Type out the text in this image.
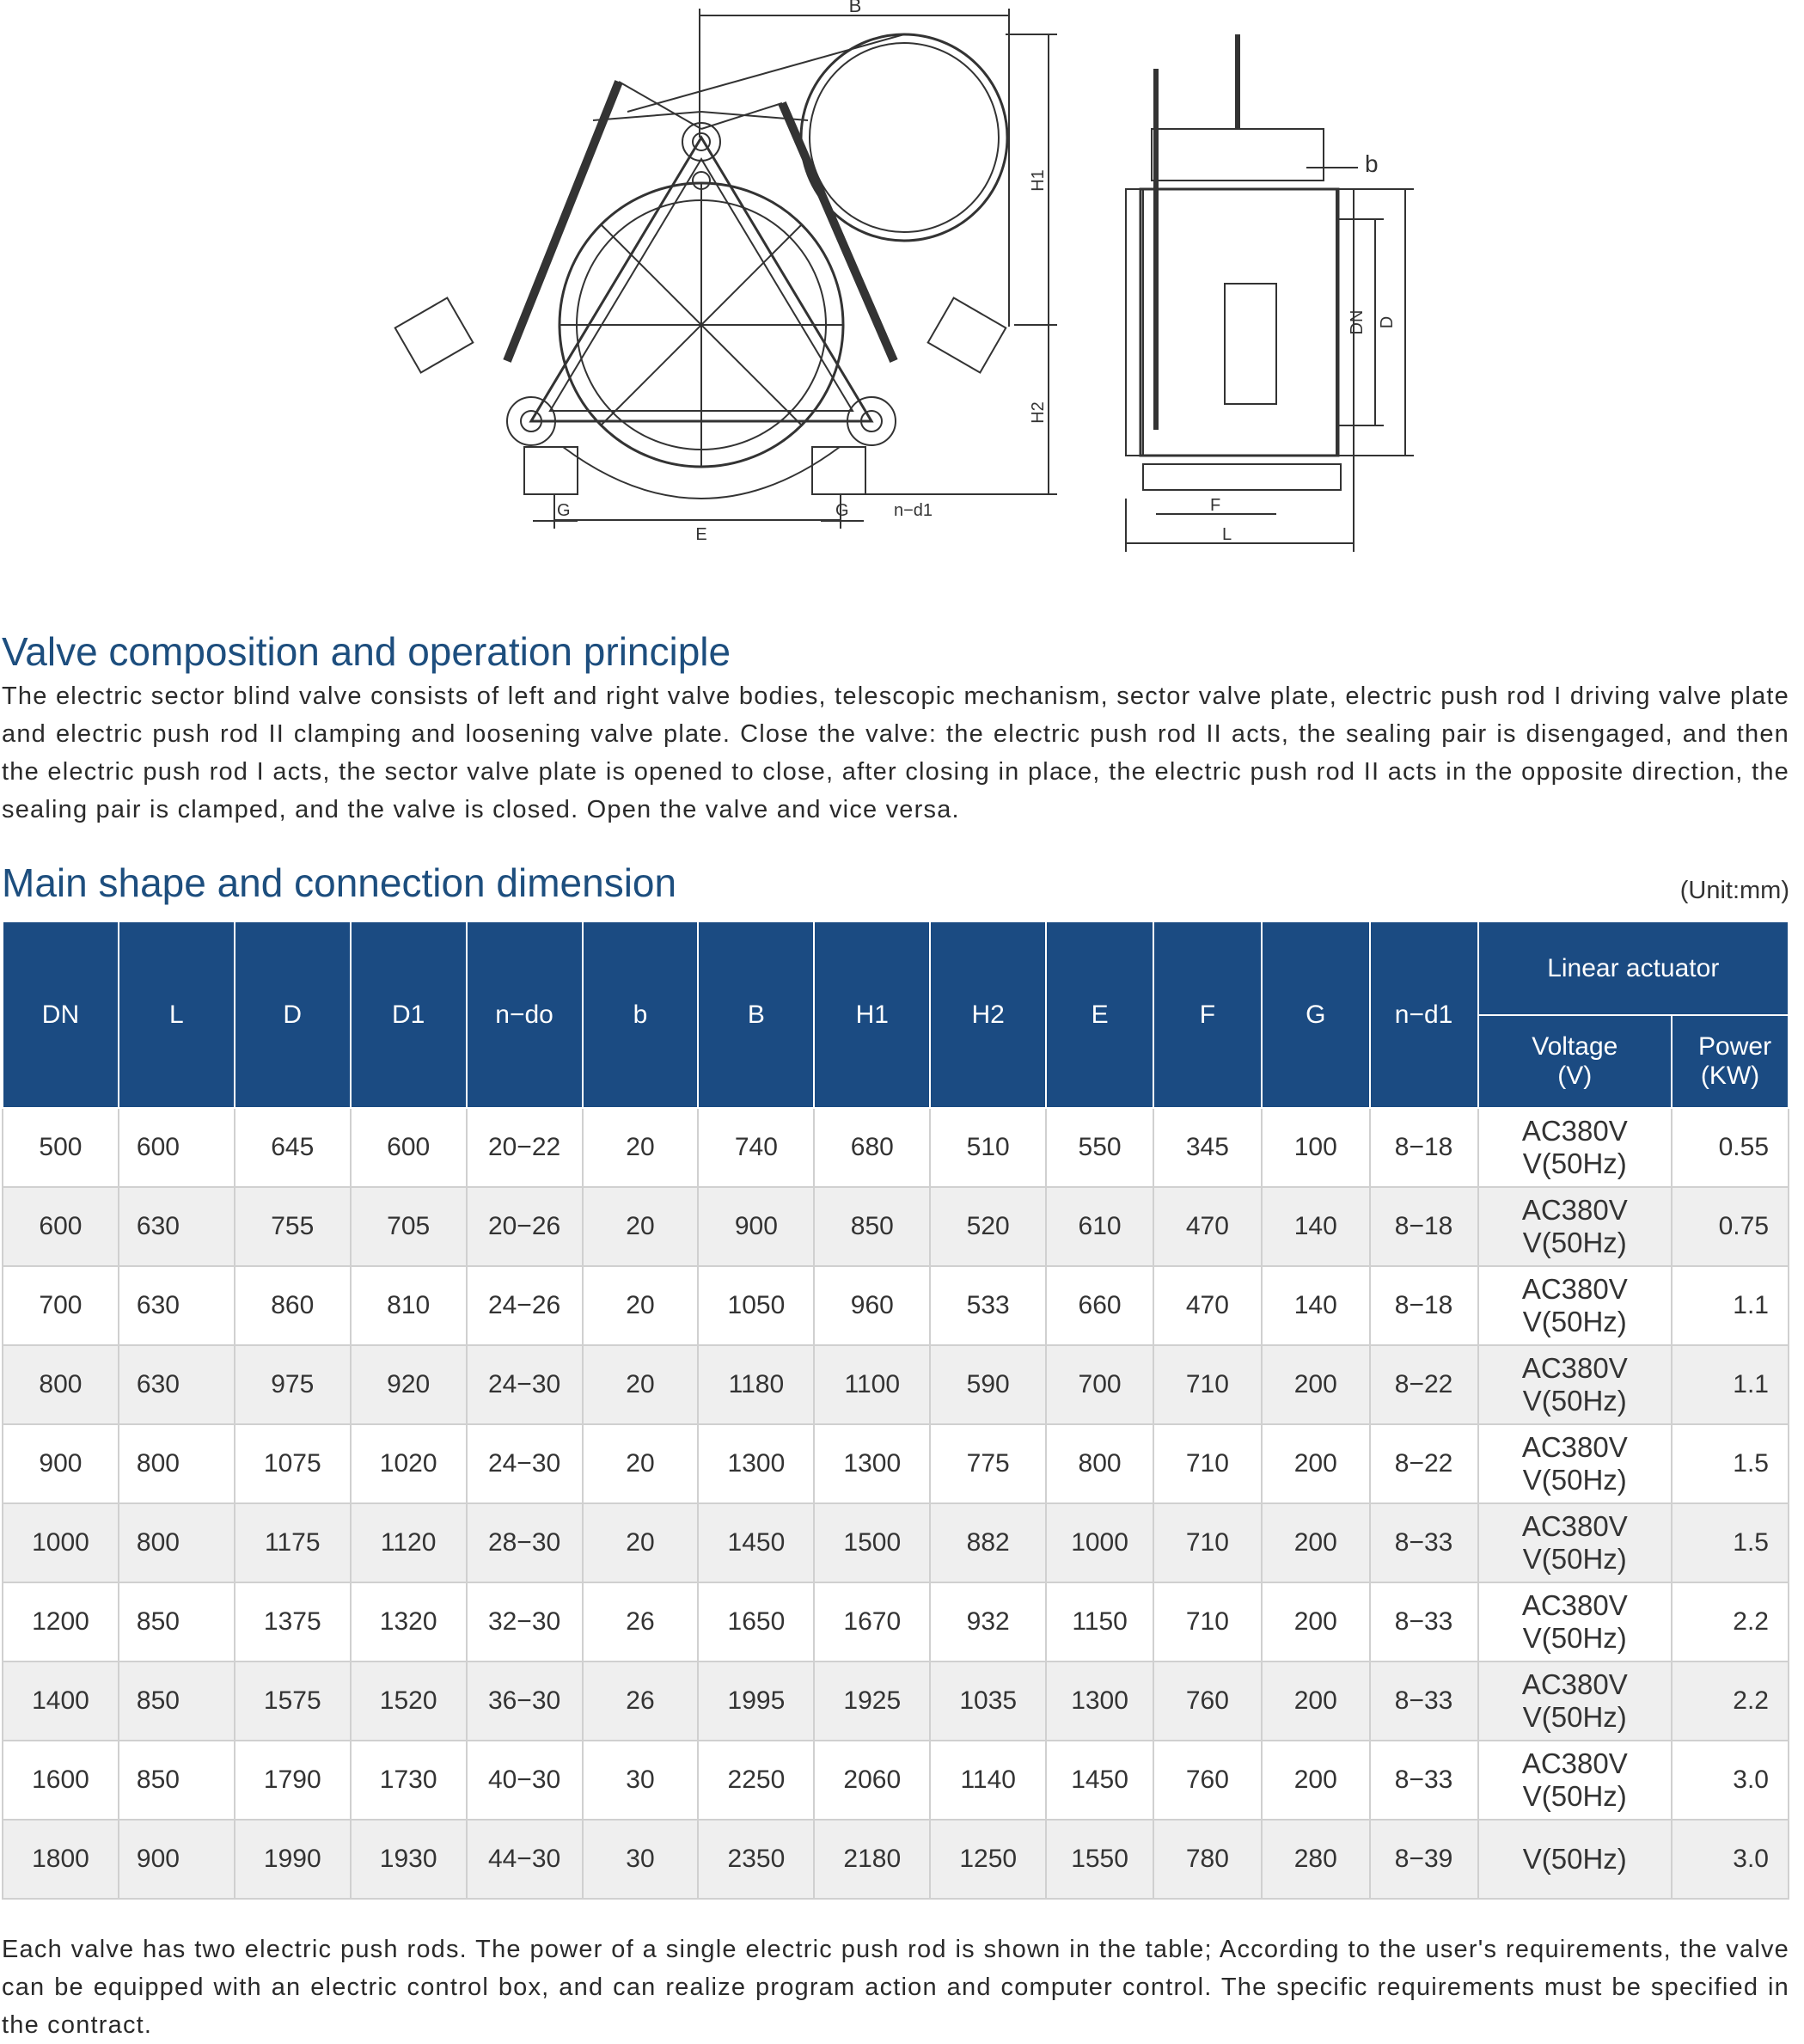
B
H1
H2
G	G	n−d1
E
b
DN D
F
L
Valve composition and operation principle

The electric sector blind valve consists of left and right valve bodies, telescopic mechanism, sector valve plate, electric push rod I driving valve plate and electric push rod II clamping and loosening valve plate. Close the valve: the electric push rod II acts, the sealing pair is disengaged, and then the electric push rod I acts, the sector valve plate is opened to close, after closing in place, the electric push rod II acts in the opposite direction, the sealing pair is clamped, and the valve is closed. Open the valve and vice versa.

Main shape and connection dimension	(Unit:mm)
DN	L	D	D1	n−do	b	B	H1	H2	E	F	G	n−d1	Linear actuator	
													Voltage (V)	Power (KW)
500	600	645	600	20−22	20	740	680	510	550	345	100	8−18	AC380V V(50Hz)	0.55
600	630	755	705	20−26	20	900	850	520	610	470	140	8−18	AC380V V(50Hz)	0.75
700	630	860	810	24−26	20	1050	960	533	660	470	140	8−18	AC380V V(50Hz)	1.1
800	630	975	920	24−30	20	1180	1100	590	700	710	200	8−22	AC380V V(50Hz)	1.1
900	800	1075	1020	24−30	20	1300	1300	775	800	710	200	8−22	AC380V V(50Hz)	1.5
1000	800	1175	1120	28−30	20	1450	1500	882	1000	710	200	8−33	AC380V V(50Hz)	1.5
1200	850	1375	1320	32−30	26	1650	1670	932	1150	710	200	8−33	AC380V V(50Hz)	2.2
1400	850	1575	1520	36−30	26	1995	1925	1035	1300	760	200	8−33	AC380V V(50Hz)	2.2
1600	850	1790	1730	40−30	30	2250	2060	1140	1450	760	200	8−33	AC380V V(50Hz)	3.0
1800	900	1990	1930	44−30	30	2350	2180	1250	1550	780	280	8−39	V(50Hz)	3.0

Each valve has two electric push rods. The power of a single electric push rod is shown in the table; According to the user's requirements, the valve can be equipped with an electric control box, and can realize program action and computer control. The specific requirements must be specified in the contract.
